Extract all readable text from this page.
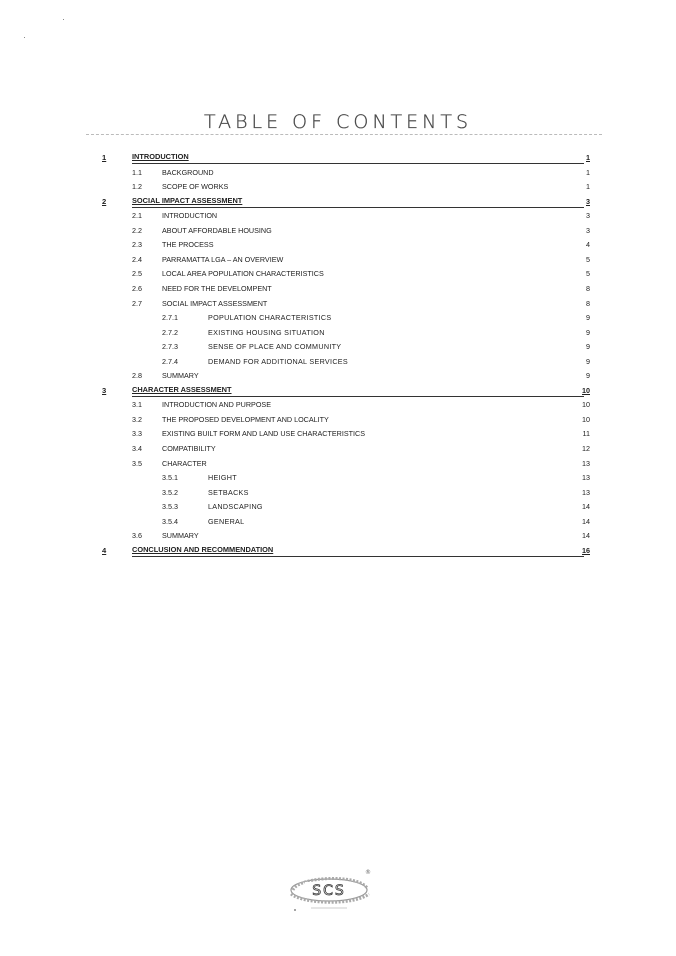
TABLE OF CONTENTS
1	INTRODUCTION	1
1.1	BACKGROUND	1
1.2	SCOPE OF WORKS	1
2	SOCIAL IMPACT ASSESSMENT	3
2.1	INTRODUCTION	3
2.2	ABOUT AFFORDABLE HOUSING	3
2.3	THE PROCESS	4
2.4	PARRAMATTA LGA – AN OVERVIEW	5
2.5	LOCAL AREA POPULATION CHARACTERISTICS	5
2.6	NEED FOR THE DEVELOMPENT	8
2.7	SOCIAL IMPACT ASSESSMENT	8
2.7.1	POPULATION CHARACTERISTICS	9
2.7.2	EXISTING HOUSING SITUATION	9
2.7.3	SENSE OF PLACE AND COMMUNITY	9
2.7.4	DEMAND FOR ADDITIONAL SERVICES	9
2.8	SUMMARY	9
3	CHARACTER ASSESSMENT	10
3.1	INTRODUCTION AND PURPOSE	10
3.2	THE PROPOSED DEVELOPMENT AND LOCALITY	10
3.3	EXISTING BUILT FORM AND LAND USE CHARACTERISTICS	11
3.4	COMPATIBILITY	12
3.5	CHARACTER	13
3.5.1	HEIGHT	13
3.5.2	SETBACKS	13
3.5.3	LANDSCAPING	14
3.5.4	GENERAL	14
3.6	SUMMARY	14
4	CONCLUSION AND RECOMMENDATION	16
SCS
®
